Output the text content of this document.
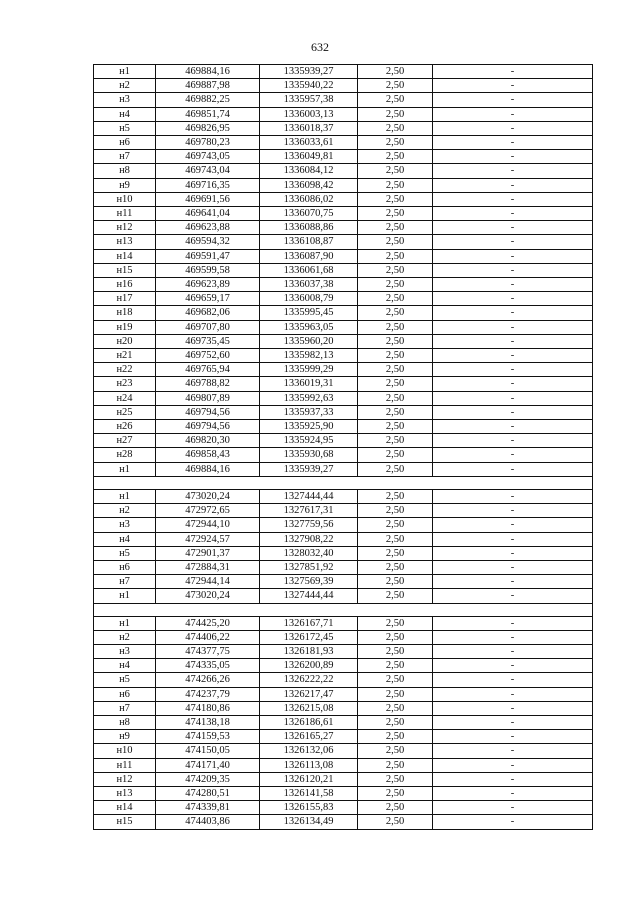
632
н1	469884,16	1335939,27	2,50	-
н2	469887,98	1335940,22	2,50	-
н3	469882,25	1335957,38	2,50	-
н4	469851,74	1336003,13	2,50	-
н5	469826,95	1336018,37	2,50	-
н6	469780,23	1336033,61	2,50	-
н7	469743,05	1336049,81	2,50	-
н8	469743,04	1336084,12	2,50	-
н9	469716,35	1336098,42	2,50	-
н10	469691,56	1336086,02	2,50	-
н11	469641,04	1336070,75	2,50	-
н12	469623,88	1336088,86	2,50	-
н13	469594,32	1336108,87	2,50	-
н14	469591,47	1336087,90	2,50	-
н15	469599,58	1336061,68	2,50	-
н16	469623,89	1336037,38	2,50	-
н17	469659,17	1336008,79	2,50	-
н18	469682,06	1335995,45	2,50	-
н19	469707,80	1335963,05	2,50	-
н20	469735,45	1335960,20	2,50	-
н21	469752,60	1335982,13	2,50	-
н22	469765,94	1335999,29	2,50	-
н23	469788,82	1336019,31	2,50	-
н24	469807,89	1335992,63	2,50	-
н25	469794,56	1335937,33	2,50	-
н26	469794,56	1335925,90	2,50	-
н27	469820,30	1335924,95	2,50	-
н28	469858,43	1335930,68	2,50	-
н1	469884,16	1335939,27	2,50	-

н1	473020,24	1327444,44	2,50	-
н2	472972,65	1327617,31	2,50	-
н3	472944,10	1327759,56	2,50	-
н4	472924,57	1327908,22	2,50	-
н5	472901,37	1328032,40	2,50	-
н6	472884,31	1327851,92	2,50	-
н7	472944,14	1327569,39	2,50	-
н1	473020,24	1327444,44	2,50	-

н1	474425,20	1326167,71	2,50	-
н2	474406,22	1326172,45	2,50	-
н3	474377,75	1326181,93	2,50	-
н4	474335,05	1326200,89	2,50	-
н5	474266,26	1326222,22	2,50	-
н6	474237,79	1326217,47	2,50	-
н7	474180,86	1326215,08	2,50	-
н8	474138,18	1326186,61	2,50	-
н9	474159,53	1326165,27	2,50	-
н10	474150,05	1326132,06	2,50	-
н11	474171,40	1326113,08	2,50	-
н12	474209,35	1326120,21	2,50	-
н13	474280,51	1326141,58	2,50	-
н14	474339,81	1326155,83	2,50	-
н15	474403,86	1326134,49	2,50	-
